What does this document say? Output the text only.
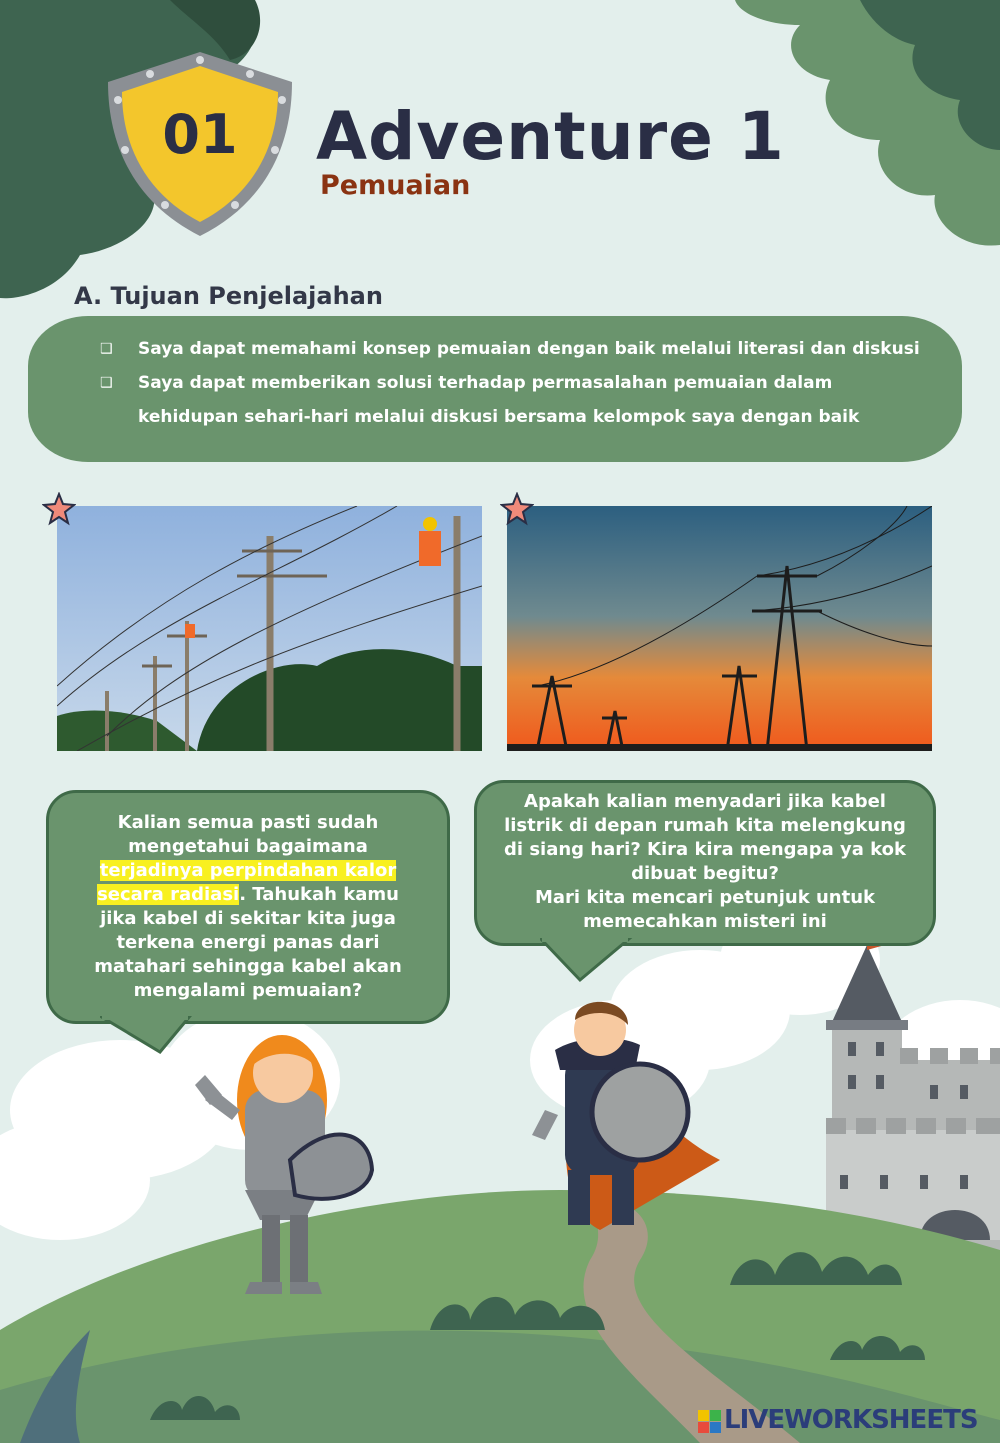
01 Adventure 1
Pemuaian
A. Tujuan Penjelajahan
❑ Saya dapat memahami konsep pemuaian dengan baik melalui literasi dan diskusi
❑ Saya dapat memberikan solusi terhadap permasalahan pemuaian dalam
kehidupan sehari-hari melalui diskusi bersama kelompok saya dengan baik
Kalian semua pasti sudah
mengetahui bagaimana
terjadinya perpindahan kalor
secara radiasi. Tahukah kamu
jika kabel di sekitar kita juga
terkena energi panas dari
matahari sehingga kabel akan
mengalami pemuaian?
Apakah kalian menyadari jika kabel
listrik di depan rumah kita melengkung
di siang hari? Kira kira mengapa ya kok
dibuat begitu?
Mari kita mencari petunjuk untuk
memecahkan misteri ini
LIVEWORKSHEETS
